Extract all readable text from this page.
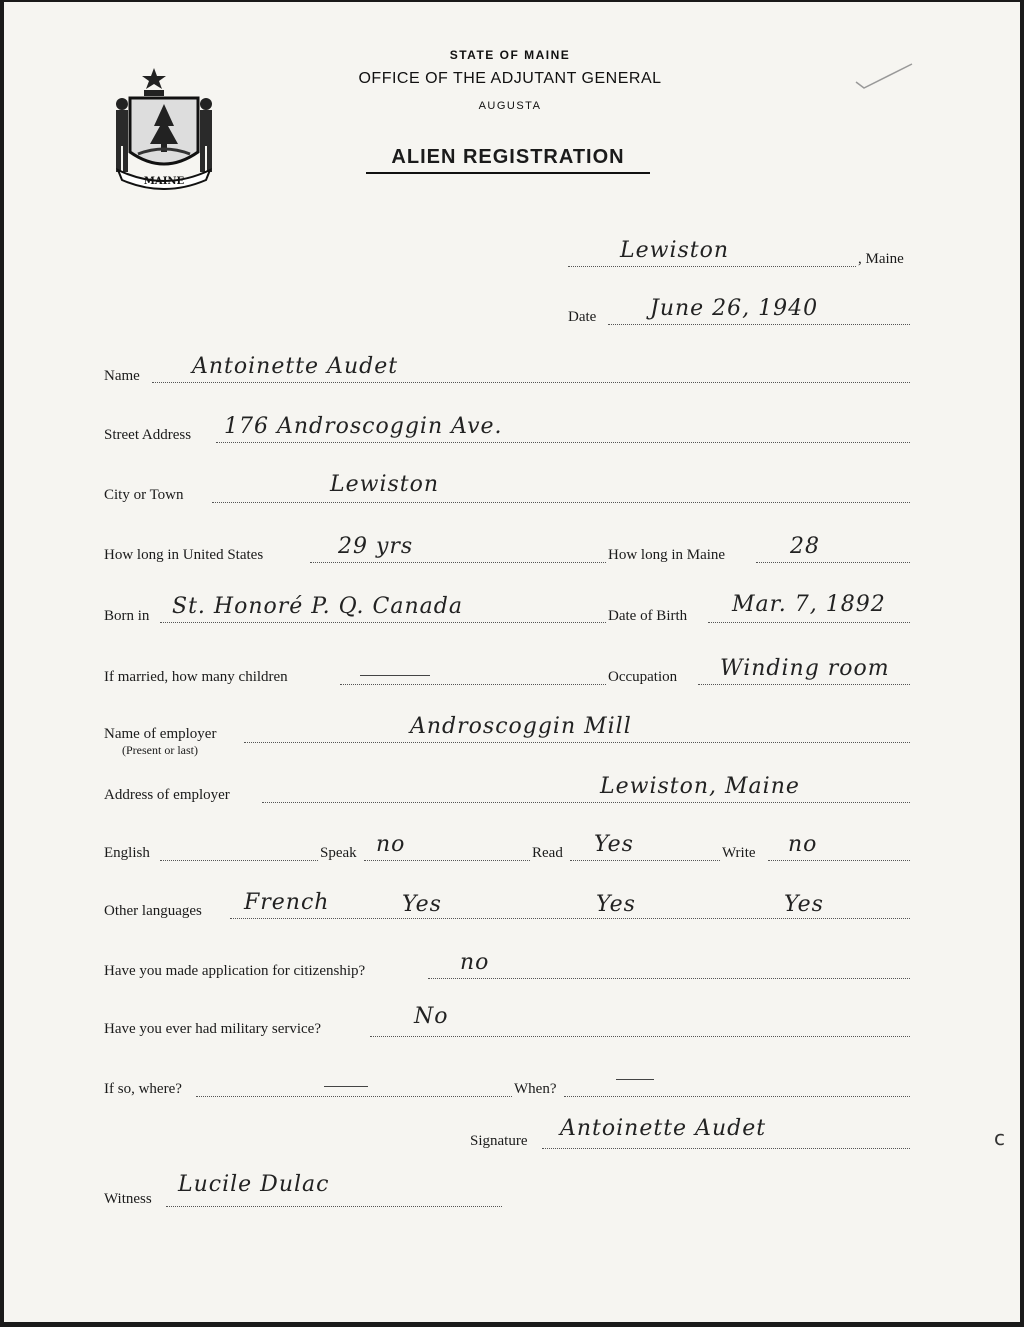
MAINE
STATE OF MAINE
OFFICE OF THE ADJUTANT GENERAL
AUGUSTA
ALIEN REGISTRATION
Lewiston	, Maine
Date June 26, 1940
Name Antoinette Audet
Street Address 176 Androscoggin Ave.
City or Town	Lewiston
How long in United States	29 yrs	How long in Maine	28
Born in St. Honoré P. Q. Canada	Date of Birth Mar. 7, 1892
If married, how many children	Occupation Winding room
Name of employer
(Present or last)
Androscoggin Mill
Address of employer	Lewiston, Maine
English	Speak no	Read Yes	Write no
Other languages French	Yes	Yes	Yes
Have you made application for citizenship?	no
Have you ever had military service?	No
If so, where?	When?
Signature Antoinette Audet
Witness
Lucile Dulac
c
